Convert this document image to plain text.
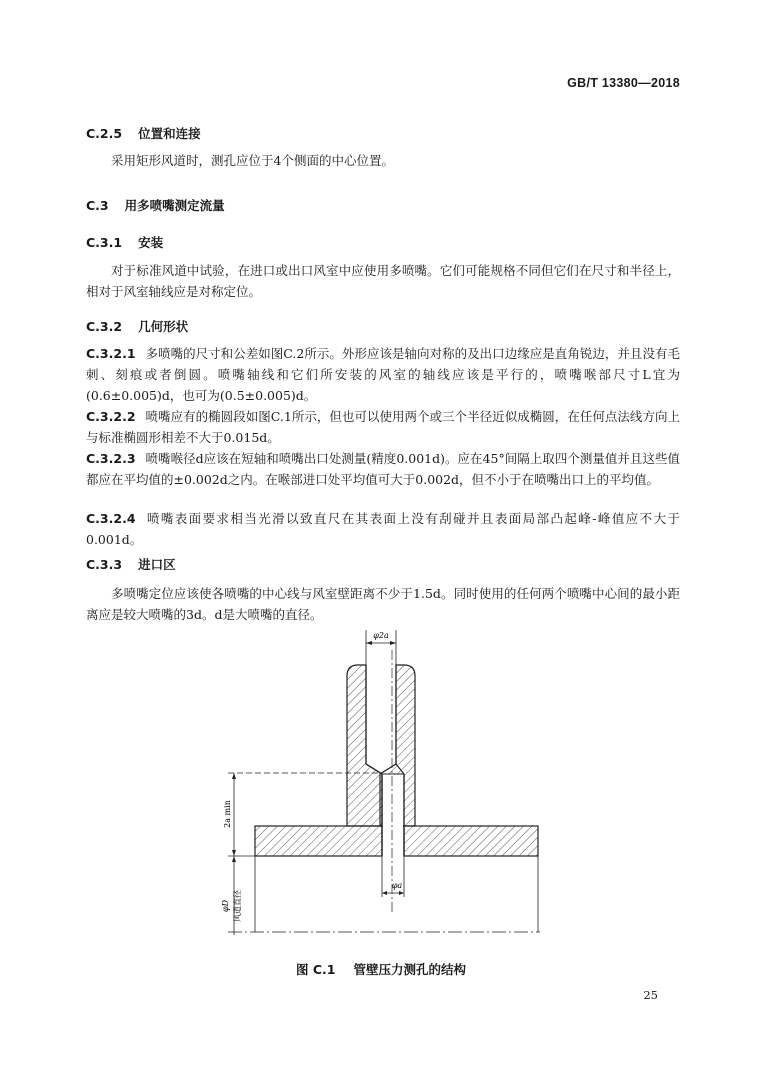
GB/T 13380—2018
C.2.5 位置和连接
采用矩形风道时，测孔应位于4个侧面的中心位置。
C.3 用多喷嘴测定流量
C.3.1 安装
对于标准风道中试验，在进口或出口风室中应使用多喷嘴。它们可能规格不同但它们在尺寸和半径上，相对于风室轴线应是对称定位。
C.3.2 几何形状
C.3.2.1 多喷嘴的尺寸和公差如图C.2所示。外形应该是轴向对称的及出口边缘应是直角锐边，并且没有毛刺、刻痕或者倒圆。喷嘴轴线和它们所安装的风室的轴线应该是平行的，喷嘴喉部尺寸L宜为(0.6±0.005)d，也可为(0.5±0.005)d。
C.3.2.2 喷嘴应有的椭圆段如图C.1所示，但也可以使用两个或三个半径近似成椭圆，在任何点法线方向上与标准椭圆形相差不大于0.015d。
C.3.2.3 喷嘴喉径d应该在短轴和喷嘴出口处测量(精度0.001d)。应在45°间隔上取四个测量值并且这些值都应在平均值的±0.002d之内。在喉部进口处平均值可大于0.002d，但不小于在喷嘴出口上的平均值。
C.3.2.4 喷嘴表面要求相当光滑以致直尺在其表面上没有刮碰并且表面局部凸起峰-峰值应不大于0.001d。
C.3.3 进口区
多喷嘴定位应该使各喷嘴的中心线与风室壁距离不少于1.5d。同时使用的任何两个喷嘴中心间的最小距离应是较大喷嘴的3d。d是大喷嘴的直径。
φ2a
2a min
φD 风道直径
φa
图 C.1 管壁压力测孔的结构
25
